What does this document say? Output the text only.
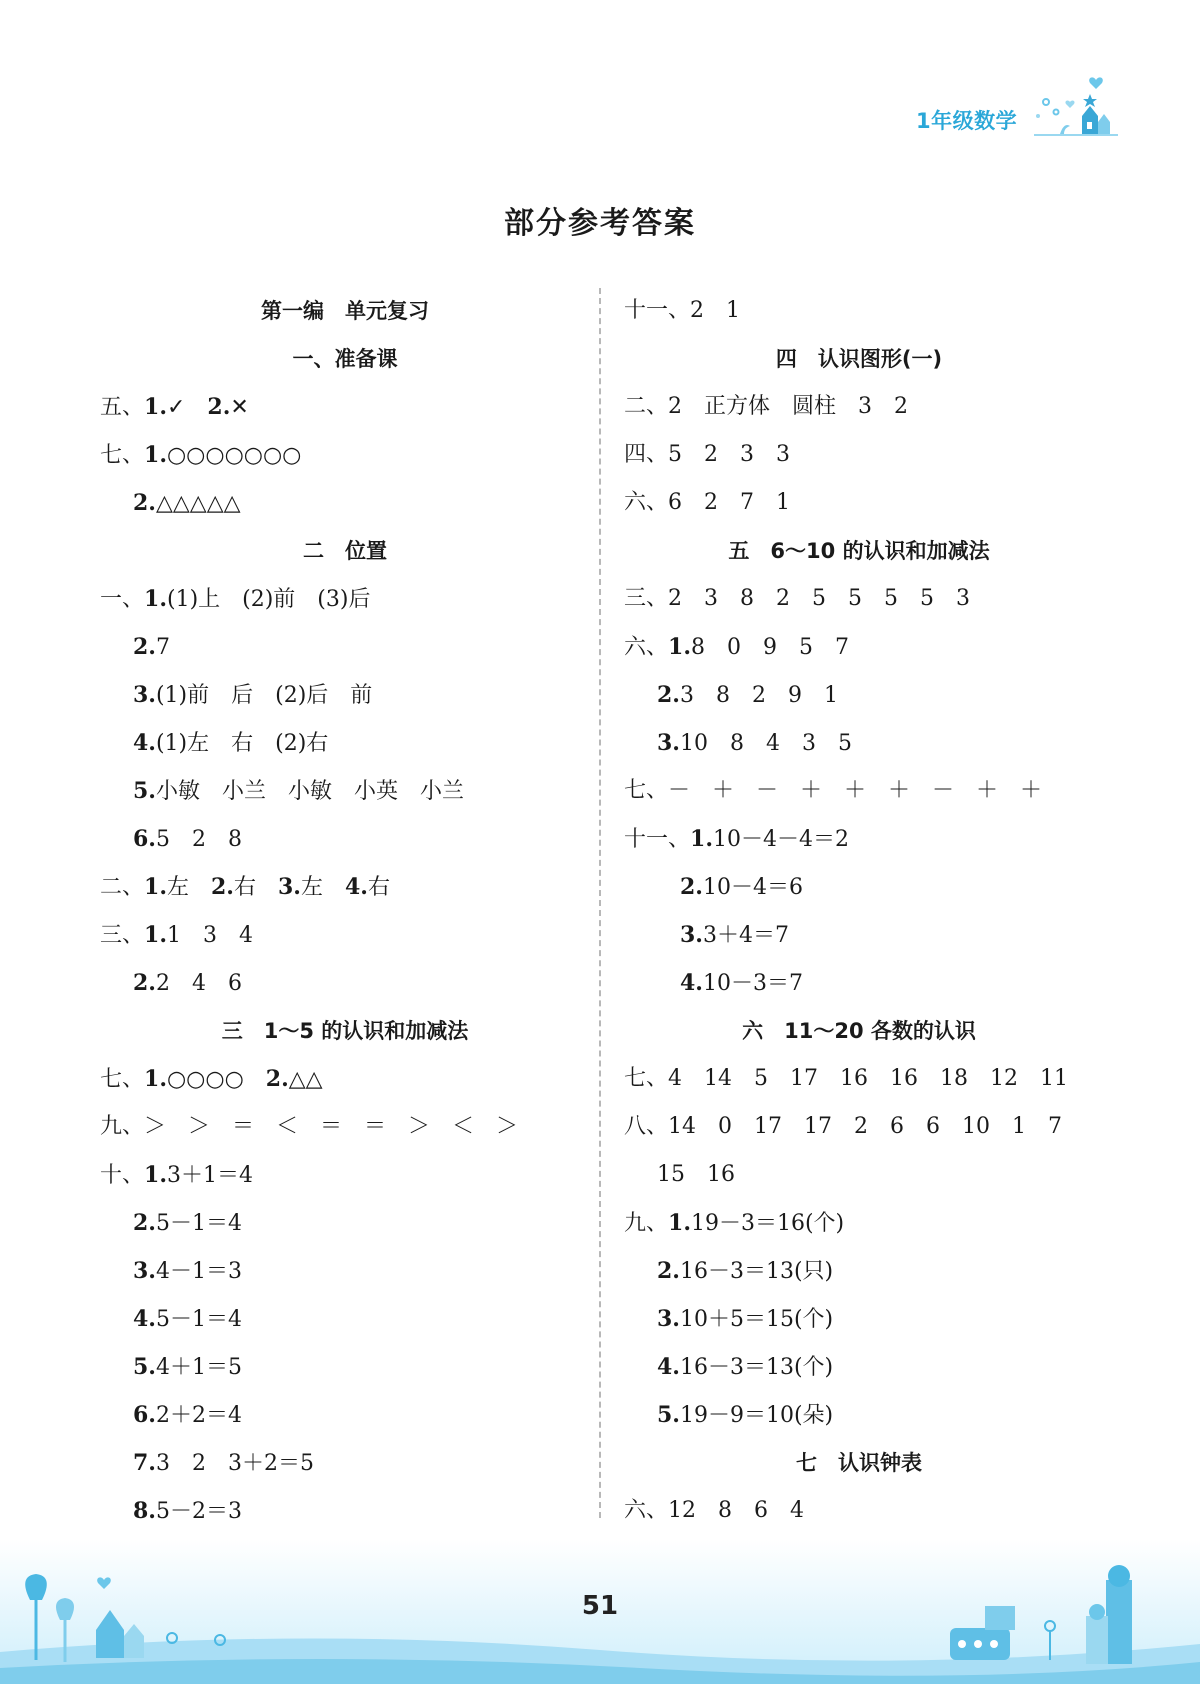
1年级数学
部分参考答案
第一编　单元复习
一、准备课
五、1.✓　2.✕
七、1.○○○○○○○
2.△△△△△
二　位置
一、1.(1)上　(2)前　(3)后
2.7
3.(1)前　后　(2)后　前
4.(1)左　右　(2)右
5.小敏　小兰　小敏　小英　小兰
6.5　2　8
二、1.左　2.右　3.左　4.右
三、1.1　3　4
2.2　4　6
三　1～5 的认识和加减法
七、1.○○○○　2.△△
九、＞　＞　＝　＜　＝　＝　＞　＜　＞
十、1.3＋1＝4
2.5－1＝4
3.4－1＝3
4.5－1＝4
5.4＋1＝5
6.2＋2＝4
7.3　2　3＋2＝5
8.5－2＝3
十一、2　1
四　认识图形(一)
二、2　正方体　圆柱　3　2
四、5　2　3　3
六、6　2　7　1
五　6～10 的认识和加减法
三、2　3　8　2　5　5　5　5　3
六、1.8　0　9　5　7
2.3　8　2　9　1
3.10　8　4　3　5
七、－　＋　－　＋　＋　＋　－　＋　＋
十一、1.10－4－4＝2
2.10－4＝6
3.3＋4＝7
4.10－3＝7
六　11～20 各数的认识
七、4　14　5　17　16　16　18　12　11
八、14　0　17　17　2　6　6　10　1　7
15　16
九、1.19－3＝16(个)
2.16－3＝13(只)
3.10＋5＝15(个)
4.16－3＝13(个)
5.19－9＝10(朵)
七　认识钟表
六、12　8　6　4
51
